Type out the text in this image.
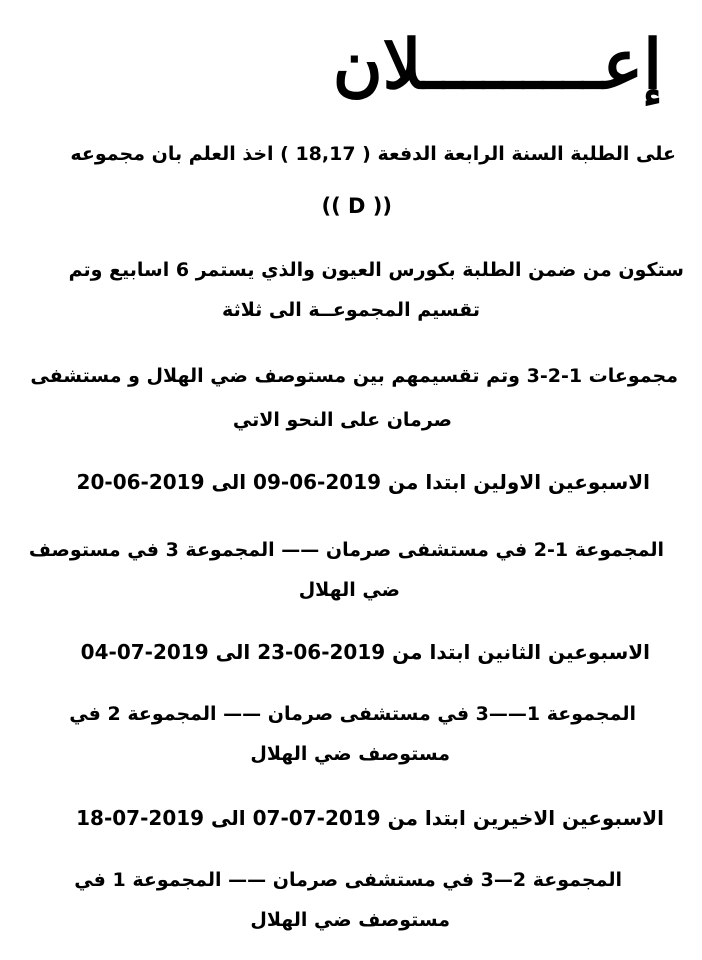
إعـــــــــلان
على الطلبة السنة الرابعة الدفعة ( 18,17 ) اخذ العلم بان مجموعه
(( D ))
ستكون من ضمن الطلبة بكورس العيون والذي يستمر 6 اسابيع وتم
تقسيم المجموعــة الى ثلاثة
مجموعات 1-2-3 وتم تقسيمهم بين مستوصف ضي الهلال و مستشفى
صرمان على النحو الاتي
الاسبوعين الاولين ابتدا من 2019-06-09 الى 2019-06-20
المجموعة 1-2 في مستشفى صرمان —— المجموعة 3 في مستوصف
ضي الهلال
الاسبوعين الثانين ابتدا من 2019-06-23 الى 2019-07-04
المجموعة 1——3 في مستشفى صرمان —— المجموعة 2 في
مستوصف ضي الهلال
الاسبوعين الاخيرين ابتدا من 2019-07-07 الى 2019-07-18
المجموعة 2—3 في مستشفى صرمان —— المجموعة 1 في
مستوصف ضي الهلال
